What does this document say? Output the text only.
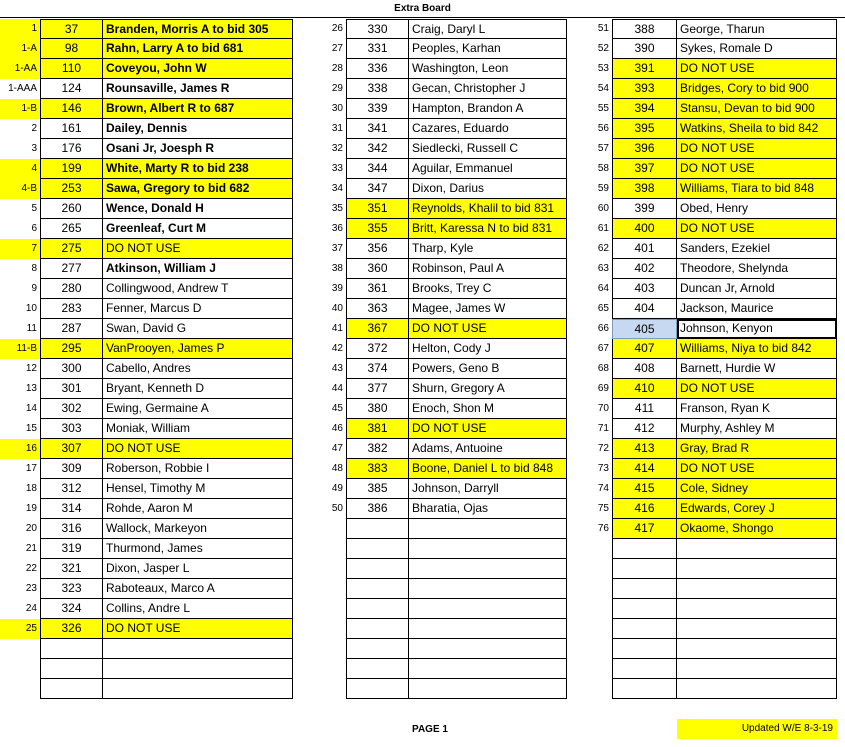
Extra Board
1	37	Branden, Morris A to bid 305
1-A	98	Rahn, Larry A to bid 681
1-AA	110	Coveyou, John W
1-AAA	124	Rounsaville, James R
1-B	146	Brown, Albert R to 687
2	161	Dailey, Dennis
3	176	Osani Jr, Joesph R
4	199	White, Marty R to bid 238
4-B	253	Sawa, Gregory to bid 682
5	260	Wence, Donald H
6	265	Greenleaf, Curt M
7	275	DO NOT USE
8	277	Atkinson, William J
9	280	Collingwood, Andrew T
10	283	Fenner, Marcus D
11	287	Swan, David G
11-B	295	VanProoyen, James P
12	300	Cabello, Andres
13	301	Bryant, Kenneth D
14	302	Ewing, Germaine A
15	303	Moniak, William
16	307	DO NOT USE
17	309	Roberson, Robbie I
18	312	Hensel, Timothy M
19	314	Rohde, Aaron M
20	316	Wallock, Markeyon
21	319	Thurmond, James
22	321	Dixon, Jasper L
23	323	Raboteaux, Marco A
24	324	Collins, Andre L
25	326	DO NOT USE
26	330	Craig, Daryl L
27	331	Peoples, Karhan
28	336	Washington, Leon
29	338	Gecan, Christopher J
30	339	Hampton, Brandon A
31	341	Cazares, Eduardo
32	342	Siedlecki, Russell C
33	344	Aguilar, Emmanuel
34	347	Dixon, Darius
35	351	Reynolds, Khalil to bid 831
36	355	Britt, Karessa N to bid 831
37	356	Tharp, Kyle
38	360	Robinson, Paul A
39	361	Brooks, Trey C
40	363	Magee, James W
41	367	DO NOT USE
42	372	Helton, Cody J
43	374	Powers, Geno B
44	377	Shurn, Gregory A
45	380	Enoch, Shon M
46	381	DO NOT USE
47	382	Adams, Antuoine
48	383	Boone, Daniel L to bid 848
49	385	Johnson, Darryll
50	386	Bharatia, Ojas
51	388	George, Tharun
52	390	Sykes, Romale D
53	391	DO NOT USE
54	393	Bridges, Cory to bid 900
55	394	Stansu, Devan to bid 900
56	395	Watkins, Sheila to bid 842
57	396	DO NOT USE
58	397	DO NOT USE
59	398	Williams, Tiara to bid 848
60	399	Obed, Henry
61	400	DO NOT USE
62	401	Sanders, Ezekiel
63	402	Theodore, Shelynda
64	403	Duncan Jr, Arnold
65	404	Jackson, Maurice
66	405	Johnson, Kenyon
67	407	Williams, Niya to bid 842
68	408	Barnett, Hurdie W
69	410	DO NOT USE
70	411	Franson, Ryan K
71	412	Murphy, Ashley M
72	413	Gray, Brad R
73	414	DO NOT USE
74	415	Cole, Sidney
75	416	Edwards, Corey J
76	417	Okaome, Shongo
PAGE 1	Updated W/E 8-3-19
